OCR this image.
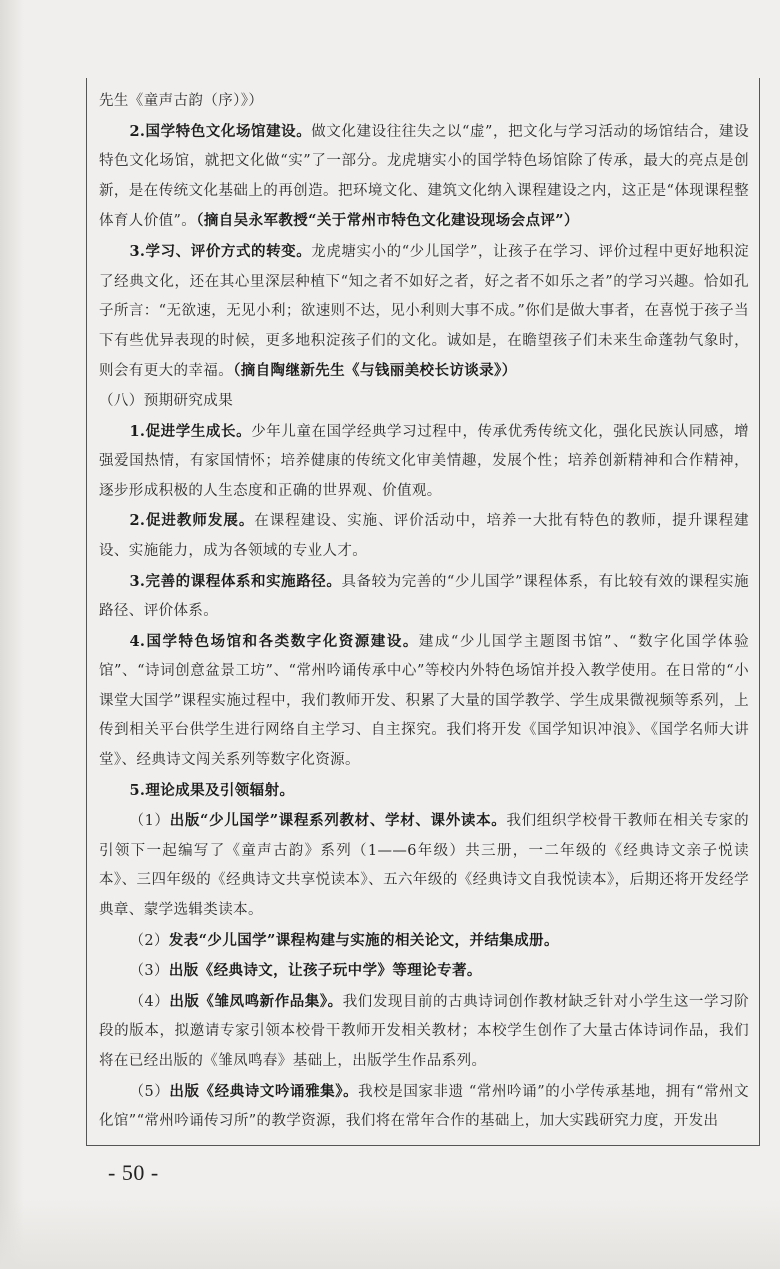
先生《童声古韵（序）》）

2.国学特色文化场馆建设。做文化建设往往失之以“虚”，把文化与学习活动的场馆结合，建设特色文化场馆，就把文化做“实”了一部分。龙虎塘实小的国学特色场馆除了传承，最大的亮点是创新，是在传统文化基础上的再创造。把环境文化、建筑文化纳入课程建设之内，这正是“体现课程整体育人价值”。（摘自吴永军教授“关于常州市特色文化建设现场会点评”）

3.学习、评价方式的转变。龙虎塘实小的“少儿国学”，让孩子在学习、评价过程中更好地积淀了经典文化，还在其心里深层种植下“知之者不如好之者，好之者不如乐之者”的学习兴趣。恰如孔子所言：“无欲速，无见小利；欲速则不达，见小利则大事不成。”你们是做大事者，在喜悦于孩子当下有些优异表现的时候，更多地积淀孩子们的文化。诚如是，在瞻望孩子们未来生命蓬勃气象时，则会有更大的幸福。（摘自陶继新先生《与钱丽美校长访谈录》）

（八）预期研究成果

1.促进学生成长。少年儿童在国学经典学习过程中，传承优秀传统文化，强化民族认同感，增强爱国热情，有家国情怀；培养健康的传统文化审美情趣，发展个性；培养创新精神和合作精神，逐步形成积极的人生态度和正确的世界观、价值观。

2.促进教师发展。在课程建设、实施、评价活动中，培养一大批有特色的教师，提升课程建设、实施能力，成为各领域的专业人才。

3.完善的课程体系和实施路径。具备较为完善的“少儿国学”课程体系，有比较有效的课程实施路径、评价体系。

4.国学特色场馆和各类数字化资源建设。建成“少儿国学主题图书馆”、“数字化国学体验馆”、“诗词创意盆景工坊”、“常州吟诵传承中心”等校内外特色场馆并投入教学使用。在日常的“小课堂大国学”课程实施过程中，我们教师开发、积累了大量的国学教学、学生成果微视频等系列，上传到相关平台供学生进行网络自主学习、自主探究。我们将开发《国学知识冲浪》、《国学名师大讲堂》、经典诗文闯关系列等数字化资源。

5.理论成果及引领辐射。

（1）出版“少儿国学”课程系列教材、学材、课外读本。我们组织学校骨干教师在相关专家的引领下一起编写了《童声古韵》系列（1——6年级）共三册，一二年级的《经典诗文亲子悦读本》、三四年级的《经典诗文共享悦读本》、五六年级的《经典诗文自我悦读本》，后期还将开发经学典章、蒙学选辑类读本。

（2）发表“少儿国学”课程构建与实施的相关论文，并结集成册。

（3）出版《经典诗文，让孩子玩中学》等理论专著。

（4）出版《雏凤鸣新作品集》。我们发现目前的古典诗词创作教材缺乏针对小学生这一学习阶段的版本，拟邀请专家引领本校骨干教师开发相关教材；本校学生创作了大量古体诗词作品，我们将在已经出版的《雏凤鸣春》基础上，出版学生作品系列。

（5）出版《经典诗文吟诵雅集》。我校是国家非遗 “常州吟诵”的小学传承基地，拥有“常州文化馆”“常州吟诵传习所”的教学资源，我们将在常年合作的基础上，加大实践研究力度，开发出

- 50 -
